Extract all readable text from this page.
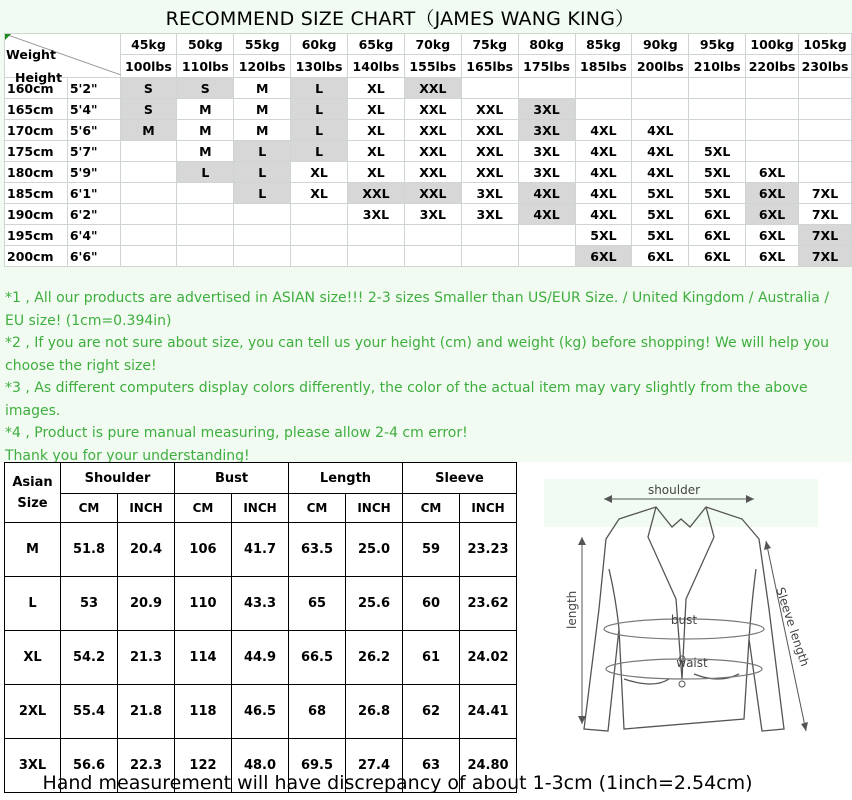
RECOMMEND SIZE CHART（JAMES WANG KING）
Weight
Height		45kg	50kg	55kg	60kg	65kg	70kg	75kg	80kg	85kg	90kg	95kg	100kg	105kg
		100lbs	110lbs	120lbs	130lbs	140lbs	155lbs	165lbs	175lbs	185lbs	200lbs	210lbs	220lbs	230lbs
160cm	5'2"	S	S	M	L	XL	XXL							
165cm	5'4"	S	M	M	L	XL	XXL	XXL	3XL					
170cm	5'6"	M	M	M	L	XL	XXL	XXL	3XL	4XL	4XL			
175cm	5'7"		M	L	L	XL	XXL	XXL	3XL	4XL	4XL	5XL		
180cm	5'9"		L	L	XL	XL	XXL	XXL	3XL	4XL	4XL	5XL	6XL	
185cm	6'1"			L	XL	XXL	XXL	3XL	4XL	4XL	5XL	5XL	6XL	7XL
190cm	6'2"					3XL	3XL	3XL	4XL	4XL	5XL	6XL	6XL	7XL
195cm	6'4"									5XL	5XL	6XL	6XL	7XL
200cm	6'6"									6XL	6XL	6XL	6XL	7XL

*1 , All our products are advertised in ASIAN size!!! 2-3 sizes Smaller than US/EUR Size. / United Kingdom / Australia / EU size! (1cm=0.394in)

*2 , If you are not sure about size, you can tell us your height (cm) and weight (kg) before shopping! We will help you choose the right size!

*3 , As different computers display colors differently, the color of the actual item may vary slightly from the above images.

*4 , Product is pure manual measuring, please allow 2-4 cm error!

Thank you for your understanding!

Asian
Size	Shoulder		Bust		Length		Sleeve	
	CM	INCH	CM	INCH	CM	INCH	CM	INCH
M	51.8	20.4	106	41.7	63.5	25.0	59	23.23
L	53	20.9	110	43.3	65	25.6	60	23.62
XL	54.2	21.3	114	44.9	66.5	26.2	61	24.02
2XL	55.4	21.8	118	46.5	68	26.8	62	24.41
3XL	56.6	22.3	122	48.0	69.5	27.4	63	24.80
shoulder
bust
waist
length	Sleeve length
Hand measurement will have discrepancy of about 1-3cm (1inch=2.54cm)
